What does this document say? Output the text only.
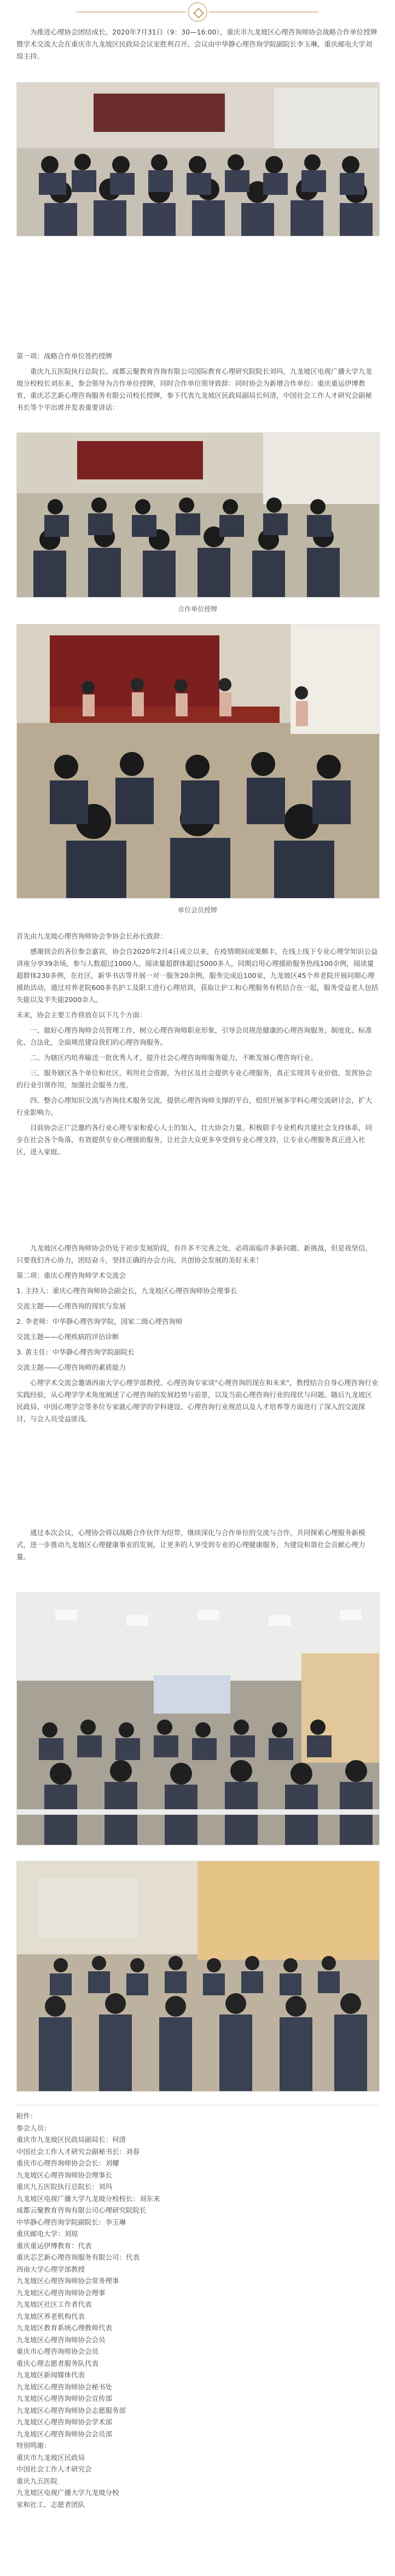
为推进心理协会团结成长，2020年7月31日（9：30—16:00），重庆市九龙坡区心理咨询师协会战略合作单位授牌暨学术交流大会在重庆市九龙坡区民政局会议室胜利召开。会议由中华静心理咨询学院副院长李玉琳，重庆邮电大学刘琼主持。

第一项：战略合作单位签约授牌

重庆九五医院执行总院长、成都云聚教育咨询有限公司国际教育心理研究院院长刘玛，九龙坡区电视广播大学九龙坡分校校长刘东来，参会领导为合作单位授牌，同时合作单位领导致辞：同时协会为新增合作单位：重庆重运伊博教育，重庆芯艺新心理咨询服务有限公司校长授牌，参下代表九龙坡区民政局副局长何清，中国社会工作人才研究会副秘书长等个平出席并发表重要讲话：

合作单位授牌
单位会员授牌

首先由九龙坡心理咨询师协会李协会长孙长致辞：

感谢到会的各位参会嘉宾，协会自2020年2月4日成立以来，在疫情期间成果颇丰，在线上线下专业心理学知识公益讲座分享39余场，参与人数超过1000人，阅读量超群体超过5000多人，同期启用心理援助服务热线100余例，阅读量超群体230多例，在社区，新华书店等开展一对一服务20余例，服务完成近100家，九龙坡区45个养老院开展同期心理援助活动，通过对养老院600多名护工及职工进行心理培训，获取让护工和心理服务有机结合在一起，服务受益老人包括失能以及半失能2000余人。

未来，协会主要工作将放在以下几个方面：

一、做好心理咨询师会员管理工作，树立心理咨询师职业形象，引导会员规范健康的心理咨询服务，制度化、标准化、合法化，全面规范建设我们的心理咨询服务。

二、为辖区内培养输送一批优秀人才，提升社会心理咨询师服务能力，不断发展心理咨询行业。

三、服务辖区各个单位和社区，利用社会资源，为社区及社会提供专业心理服务，真正实现其专业价值，发挥协会的行业引领作用，加强社会服务力度。

四、整合心理知识交流与咨询技术服务交流，提供心理咨询师支撑的平台，组织开展多学科心理交流研讨会，扩大行业影响力。

目前协会正广泛邀约各行业心理专家和爱心人士的加入，壮大协会力量。积极联手专业机构共建社会支持体系，同步在社会各个角落，有效提供专业心理援助服务，让社会大众更多享受到专业心理支持，让专业心理服务真正进入社区，进入家庭。

九龙坡区心理咨询师协会仍处于初步发展阶段，有许多不完善之处，必将面临许多新问题、新挑战，但是我坚信，只要我们齐心协力，团结奋斗，坚持正确的办会方向，共创协会发展的美好未来！

第二项：重庆心理咨询师学术交流会

1. 主持人：重庆心理咨询师协会副会长，九龙坡区心理咨询师协会理事长

交流主题——心理咨询的现状与发展

2. 李老师：中华静心理咨询学院，国家二级心理咨询师

交流主题——心理疾病的评估诊断

3. 黄主任：中华静心理咨询学院副院长

交流主题——心理咨询师的素质能力

心理学术交流会邀请西南大学心理学部教授、心理咨询专家谈"心理咨询的现在和未来"，教授结合自身心理咨询行业实践经验，从心理学学术角度阐述了心理咨询的发展趋势与前景，以及当前心理咨询行业的现状与问题。随后九龙坡区民政局、中国心理学会等多位专家就心理学的学科建设、心理咨询行业规范以及人才培养等方面进行了深入的交流探讨，与会人员受益匪浅。

通过本次会议，心理协会将以战略合作伙伴为纽带，继续深化与合作单位的交流与合作，共同探索心理服务新模式，进一步推动九龙坡区心理健康事业的发展，让更多的人享受到专业的心理健康服务，为建设和谐社会贡献心理力量。

附件：
参会人员：
重庆市九龙坡区民政局副局长：何清
中国社会工作人才研究会副秘书长：刘春
重庆市心理咨询师协会会长：刘耀
九龙坡区心理咨询师协会理事长
重庆九五医院执行总院长：刘玛
九龙坡区电视广播大学九龙坡分校校长：刘东来
成都云聚教育咨询有限公司心理研究院院长
中华静心理咨询学院副院长：李玉琳
重庆邮电大学：刘琼
重庆重运伊博教育：代表
重庆芯艺新心理咨询服务有限公司：代表
西南大学心理学部教授
九龙坡区心理咨询师协会常务理事
九龙坡区心理咨询师协会理事
九龙坡区社区工作者代表
九龙坡区养老机构代表
九龙坡区教育系统心理教师代表
九龙坡区心理咨询师协会会员
重庆市心理咨询师协会会员
重庆心理志愿者服务队代表
九龙坡区新闻媒体代表
九龙坡区心理咨询师协会秘书处
九龙坡区心理咨询师协会宣传部
九龙坡区心理咨询师协会志愿服务部
九龙坡区心理咨询师协会学术部
九龙坡区心理咨询师协会会员部
特别鸣谢：
重庆市九龙坡区民政局
中国社会工作人才研究会
重庆九五医院
九龙坡区电视广播大学九龙坡分校
家和社工、志愿者团队
